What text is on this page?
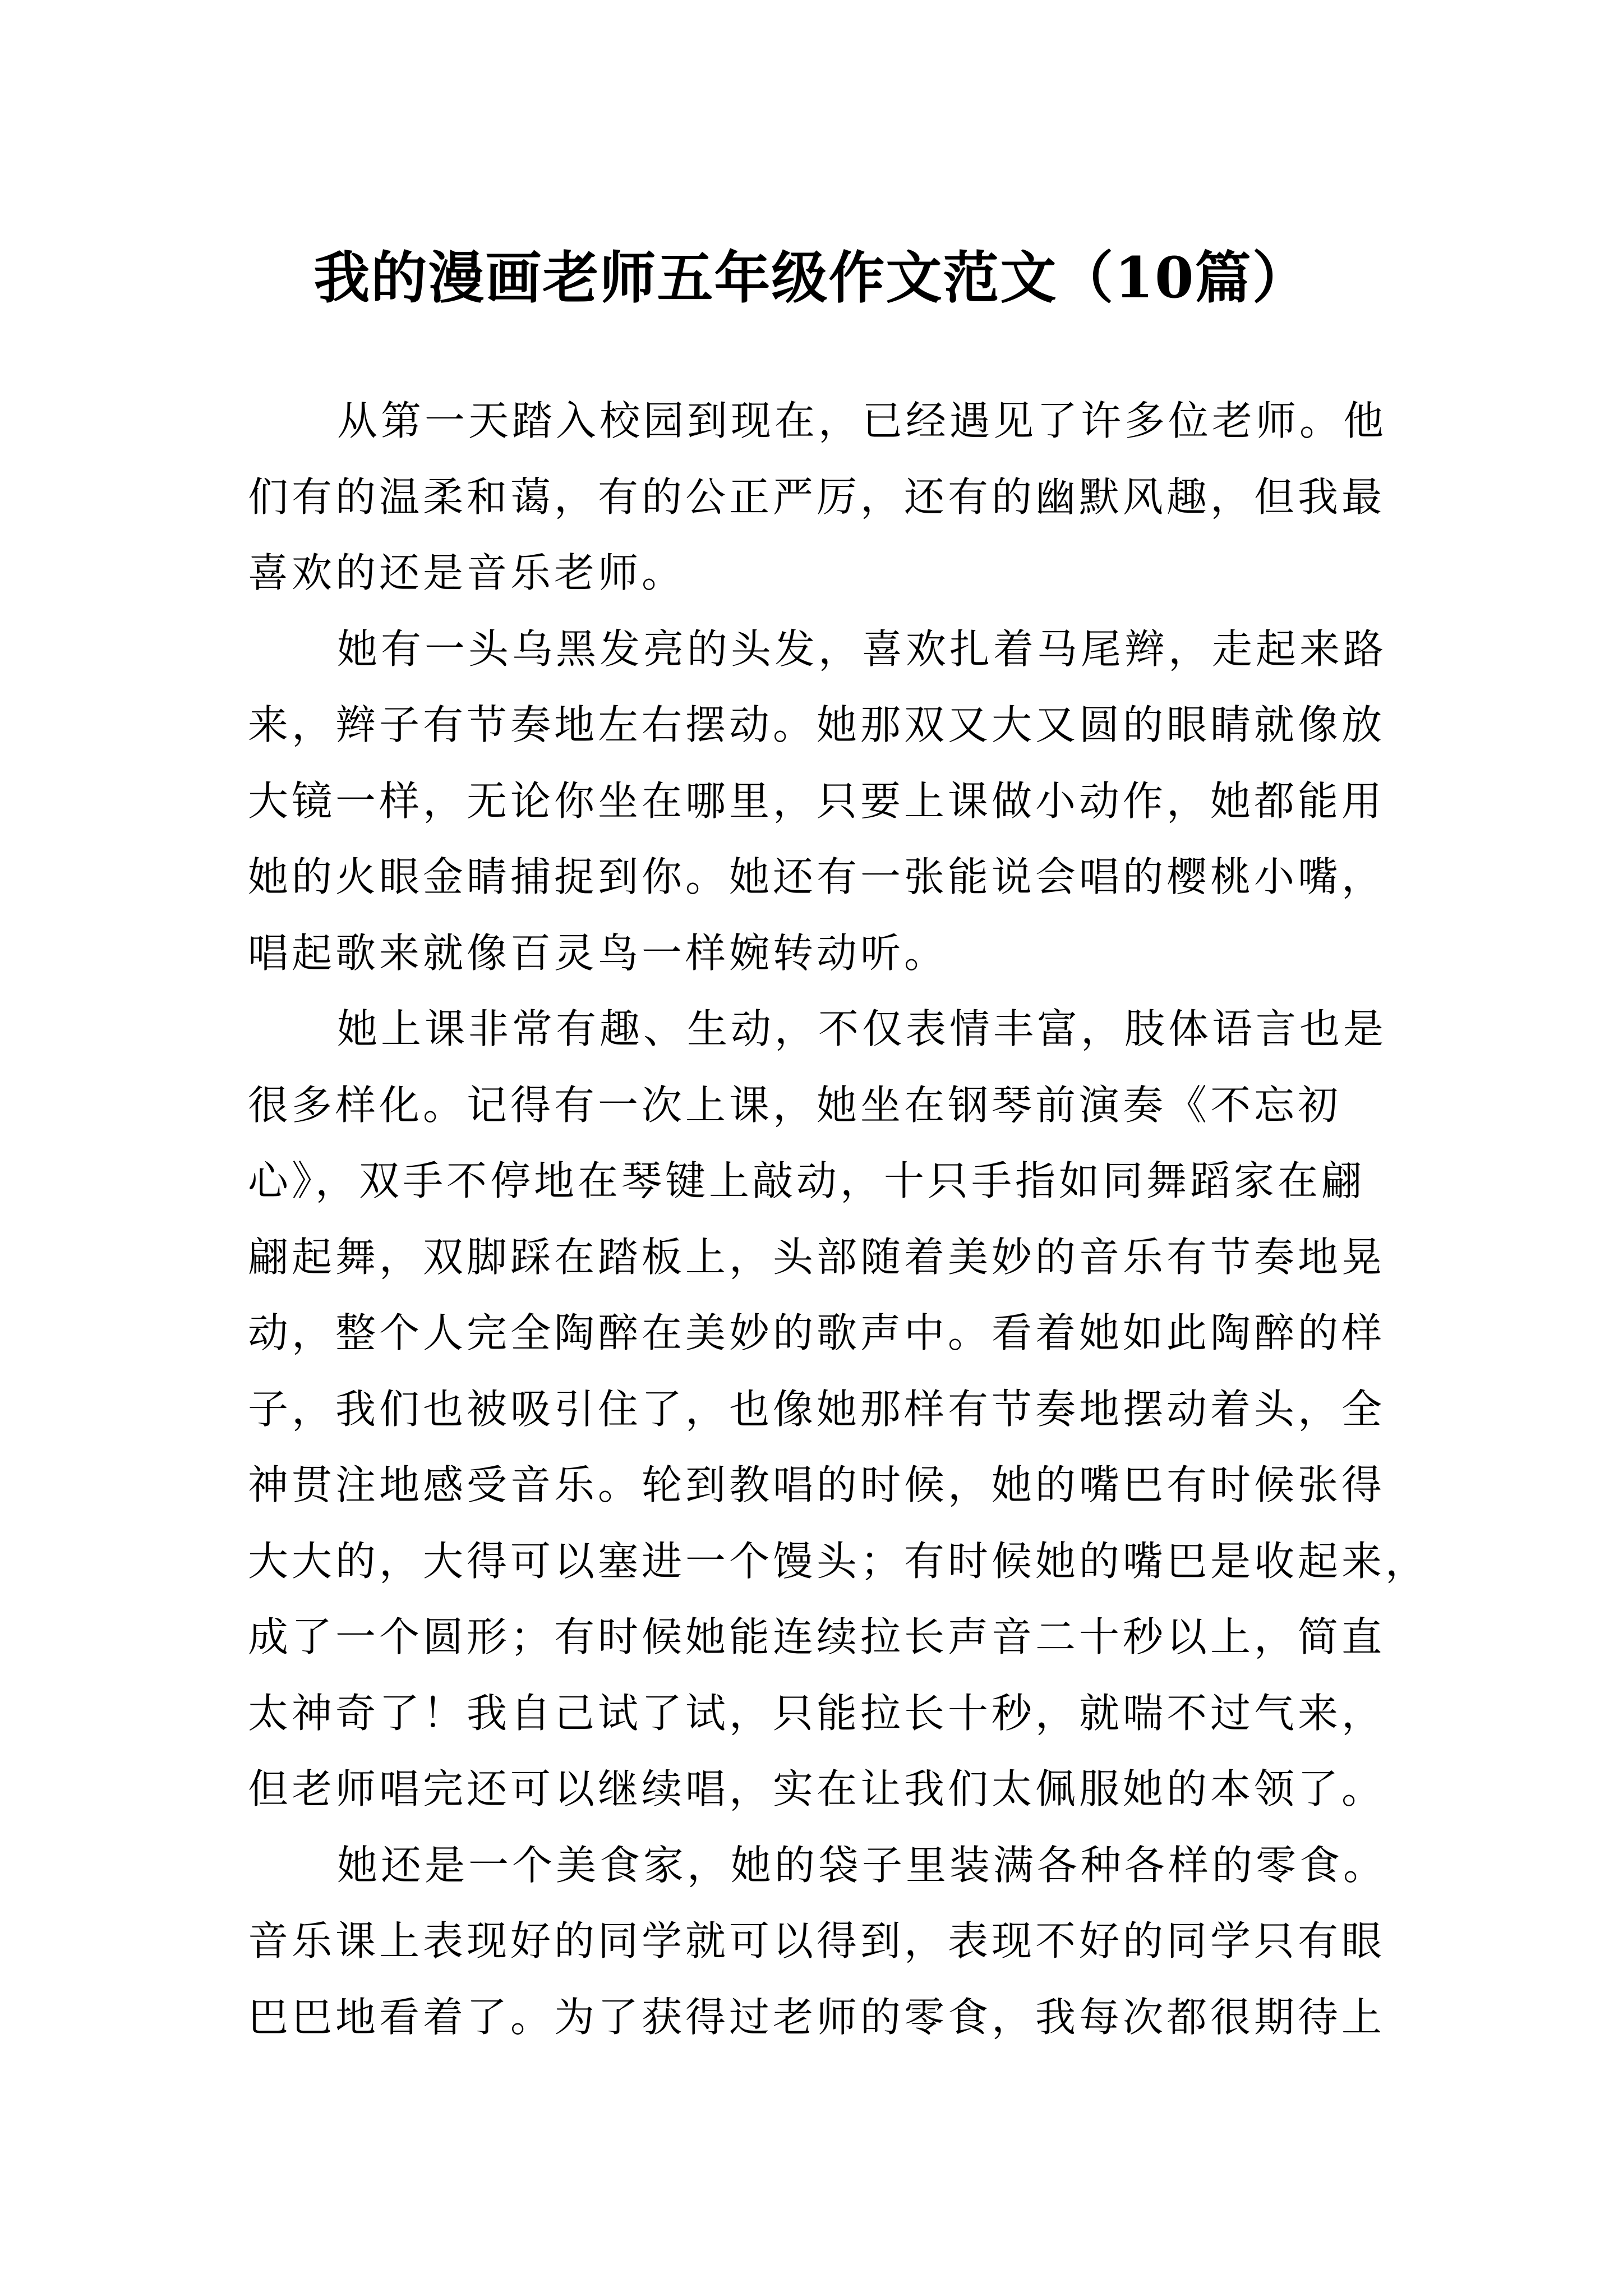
我的漫画老师五年级作文范文（10篇）
从第一天踏入校园到现在，已经遇见了许多位老师。他
们有的温柔和蔼，有的公正严厉，还有的幽默风趣，但我最
喜欢的还是音乐老师。
她有一头乌黑发亮的头发，喜欢扎着马尾辫，走起来路
来，辫子有节奏地左右摆动。她那双又大又圆的眼睛就像放
大镜一样，无论你坐在哪里，只要上课做小动作，她都能用
她的火眼金睛捕捉到你。她还有一张能说会唱的樱桃小嘴，
唱起歌来就像百灵鸟一样婉转动听。
她上课非常有趣、生动，不仅表情丰富，肢体语言也是
很多样化。记得有一次上课，她坐在钢琴前演奏《不忘初
心》，双手不停地在琴键上敲动，十只手指如同舞蹈家在翩
翩起舞，双脚踩在踏板上，头部随着美妙的音乐有节奏地晃
动，整个人完全陶醉在美妙的歌声中。看着她如此陶醉的样
子，我们也被吸引住了，也像她那样有节奏地摆动着头，全
神贯注地感受音乐。轮到教唱的时候，她的嘴巴有时候张得
大大的，大得可以塞进一个馒头；有时候她的嘴巴是收起来，
成了一个圆形；有时候她能连续拉长声音二十秒以上，简直
太神奇了！我自己试了试，只能拉长十秒，就喘不过气来，
但老师唱完还可以继续唱，实在让我们太佩服她的本领了。
她还是一个美食家，她的袋子里装满各种各样的零食。
音乐课上表现好的同学就可以得到，表现不好的同学只有眼
巴巴地看着了。为了获得过老师的零食，我每次都很期待上
